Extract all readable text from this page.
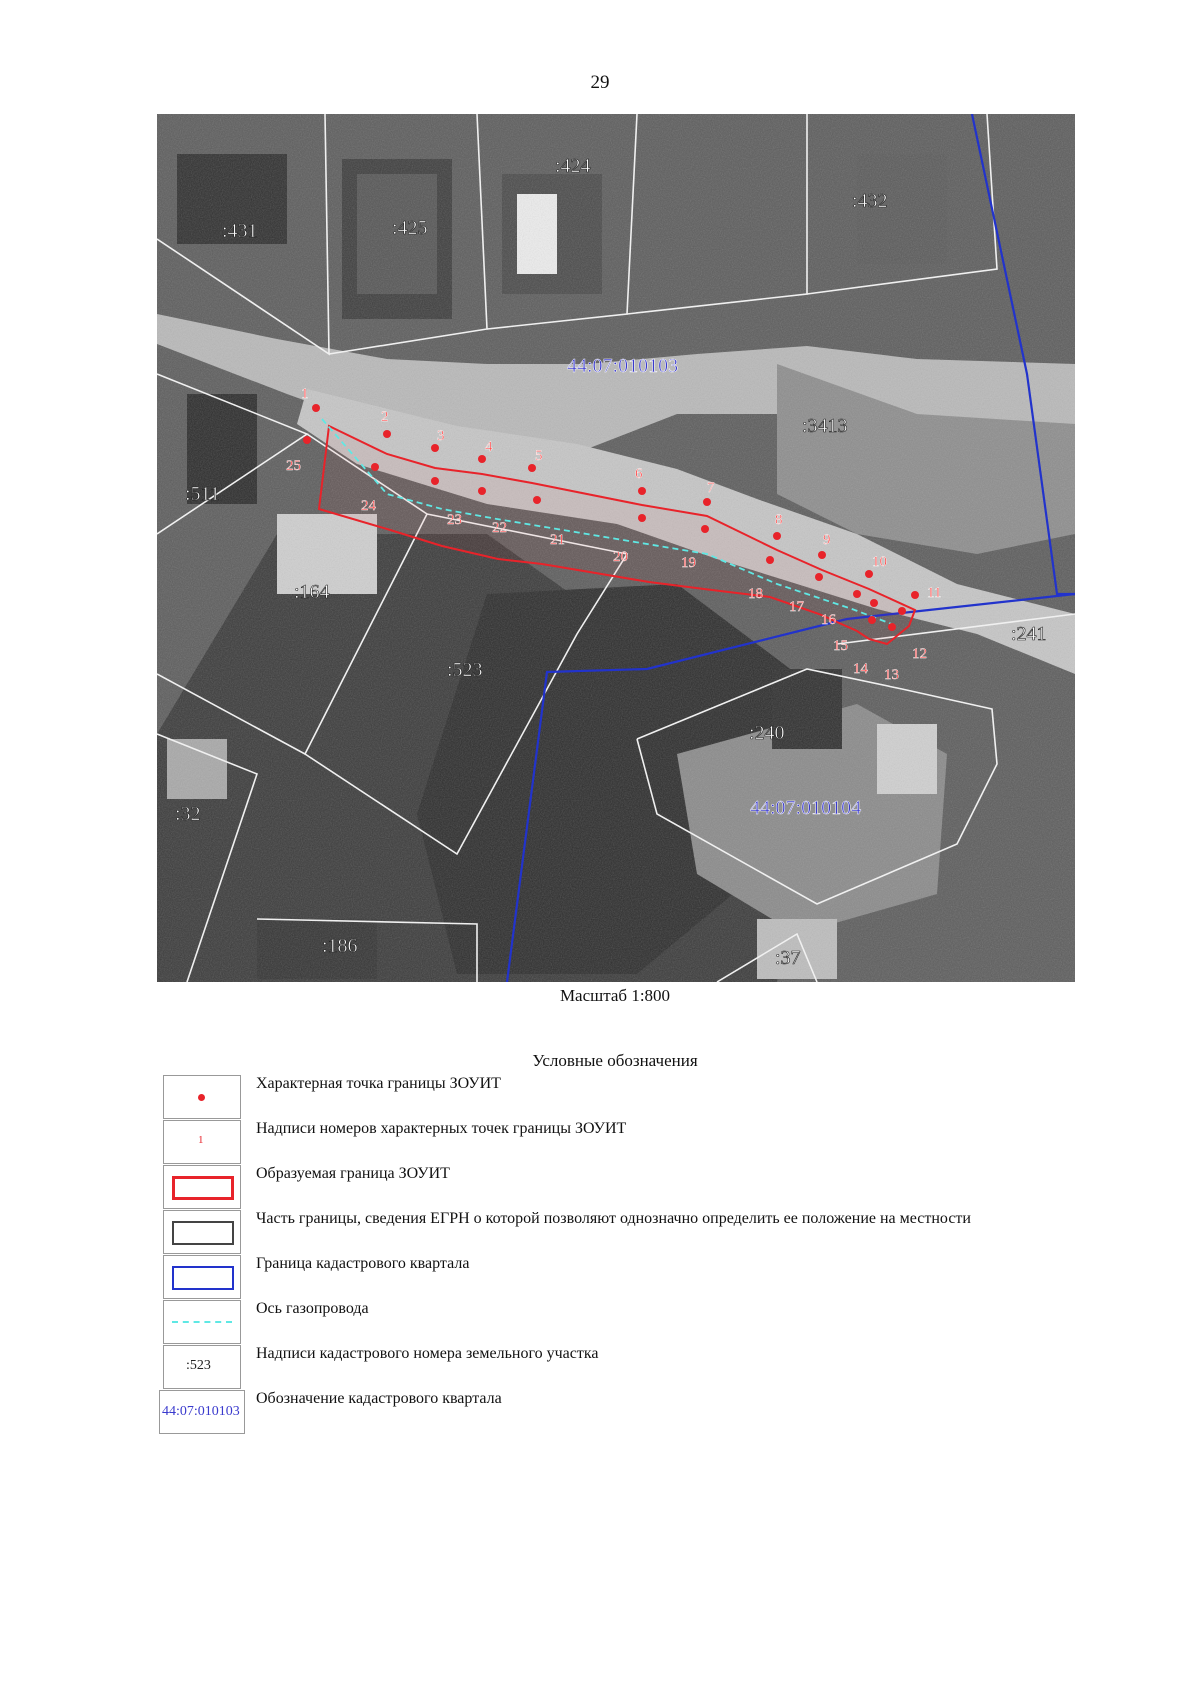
29
1
2
3
4
5
6
7
8
9
10
11
12
13
14
15
16
17
18
19
20
21
22
23
24
25
:431	:425
:424
:432
:3413
:511
:164
:523
:241
:240
:32
:186
:37
44:07:010103
44:07:010104
Масштаб 1:800
Условные обозначения
Характерная точка границы ЗОУИТ
1
Надписи номеров характерных точек границы ЗОУИТ
Образуемая граница ЗОУИТ
Часть границы, сведения ЕГРН о которой позволяют однозначно определить ее положение на местности
Граница кадастрового квартала
Ось газопровода
:523
Надписи кадастрового номера земельного участка
44:07:010103
Обозначение кадастрового квартала
